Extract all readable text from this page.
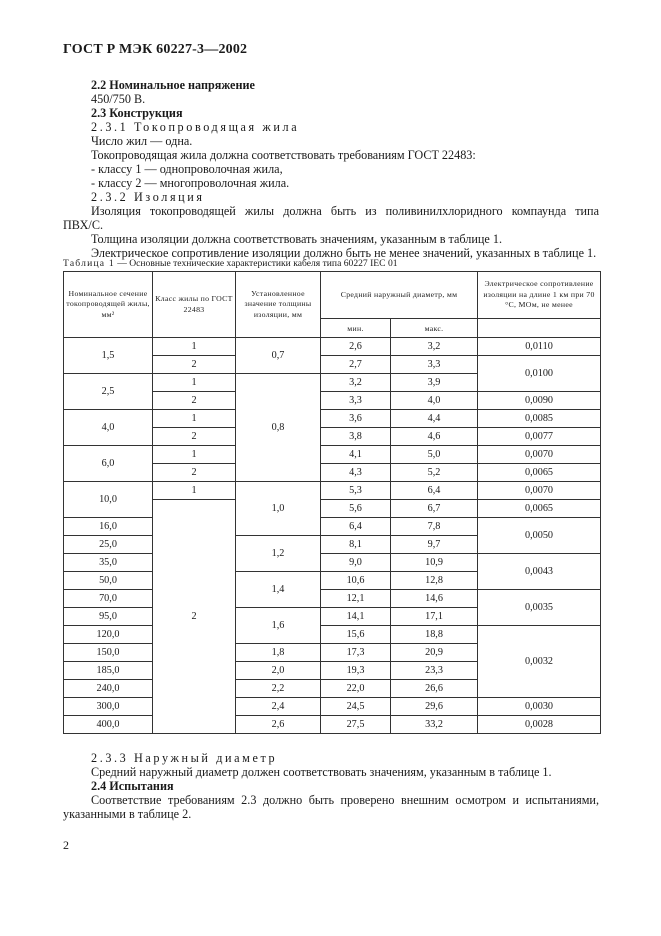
ГОСТ Р МЭК 60227-3—2002
2.2 Номинальное напряжение
450/750 В.
2.3 Конструкция
2.3.1 Токопроводящая жила
Число жил — одна.
Токопроводящая жила должна соответствовать требованиям ГОСТ 22483:
- классу 1 — однопроволочная жила,
- классу 2 — многопроволочная жила.
2.3.2 Изоляция
Изоляция токопроводящей жилы должна быть из поливинилхлоридного компаунда типа
ПВХ/С.
Толщина изоляции должна соответствовать значениям, указанным в таблице 1.
Электрическое сопротивление изоляции должно быть не менее значений, указанных в таблице 1.
Таблица 1 — Основные технические характеристики кабеля типа 60227 IEC 01
Номинальное сечение токопроводящей жилы, мм²	Класс жилы по ГОСТ 22483	Установленное значение толщины изоляции, мм	Средний наружный диаметр, мм		Электрическое сопротивление изоляции на длине 1 км при 70 °С, МОм, не менее
			мин.	макс.	
1,5	1	0,7	2,6	3,2	0,0110
	2		2,7	3,3	0,0100
2,5	1	0,8	3,2	3,9	
	2		3,3	4,0	0,0090
4,0	1		3,6	4,4	0,0085
	2		3,8	4,6	0,0077
6,0	1		4,1	5,0	0,0070
	2		4,3	5,2	0,0065
10,0	1	1,0	5,3	6,4	0,0070
	2		5,6	6,7	0,0065
16,0			6,4	7,8	0,0050
25,0		1,2	8,1	9,7	
35,0			9,0	10,9	0,0043
50,0		1,4	10,6	12,8	
70,0			12,1	14,6	0,0035
95,0		1,6	14,1	17,1	
120,0			15,6	18,8	0,0032
150,0		1,8	17,3	20,9	
185,0		2,0	19,3	23,3	
240,0		2,2	22,0	26,6	
300,0		2,4	24,5	29,6	0,0030
400,0		2,6	27,5	33,2	0,0028
2.3.3 Наружный диаметр
Средний наружный диаметр должен соответствовать значениям, указанным в таблице 1.
2.4 Испытания
Соответствие требованиям 2.3 должно быть проверено внешним осмотром и испытаниями,
указанными в таблице 2.
2
